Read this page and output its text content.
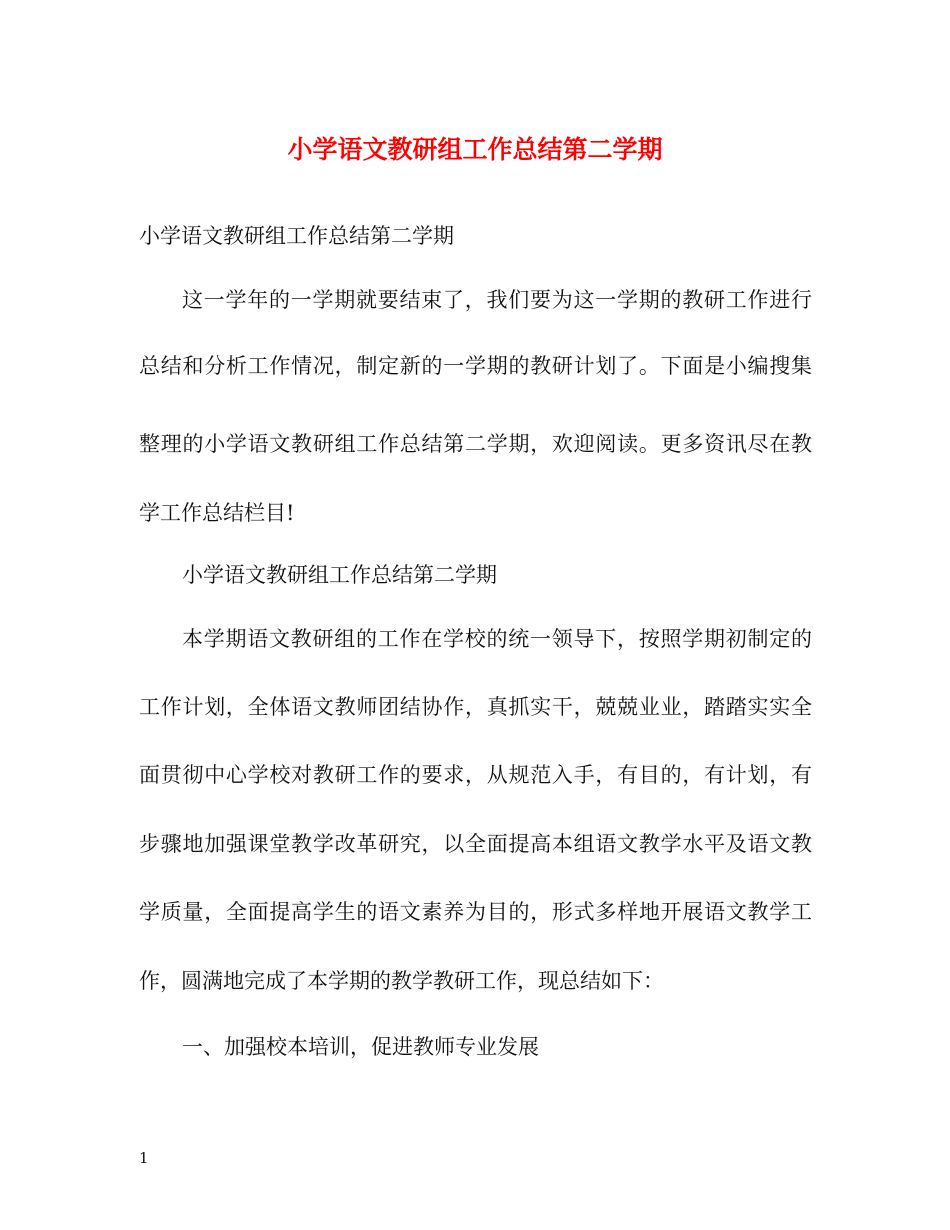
小学语文教研组工作总结第二学期
小学语文教研组工作总结第二学期
这一学年的一学期就要结束了，我们要为这一学期的教研工作进行
总结和分析工作情况，制定新的一学期的教研计划了。下面是小编搜集
整理的小学语文教研组工作总结第二学期，欢迎阅读。更多资讯尽在教
学工作总结栏目!
小学语文教研组工作总结第二学期
本学期语文教研组的工作在学校的统一领导下，按照学期初制定的
工作计划，全体语文教师团结协作，真抓实干，兢兢业业，踏踏实实全
面贯彻中心学校对教研工作的要求，从规范入手，有目的，有计划，有
步骤地加强课堂教学改革研究，以全面提高本组语文教学水平及语文教
学质量，全面提高学生的语文素养为目的，形式多样地开展语文教学工
作，圆满地完成了本学期的教学教研工作，现总结如下：
一、加强校本培训，促进教师专业发展
1
